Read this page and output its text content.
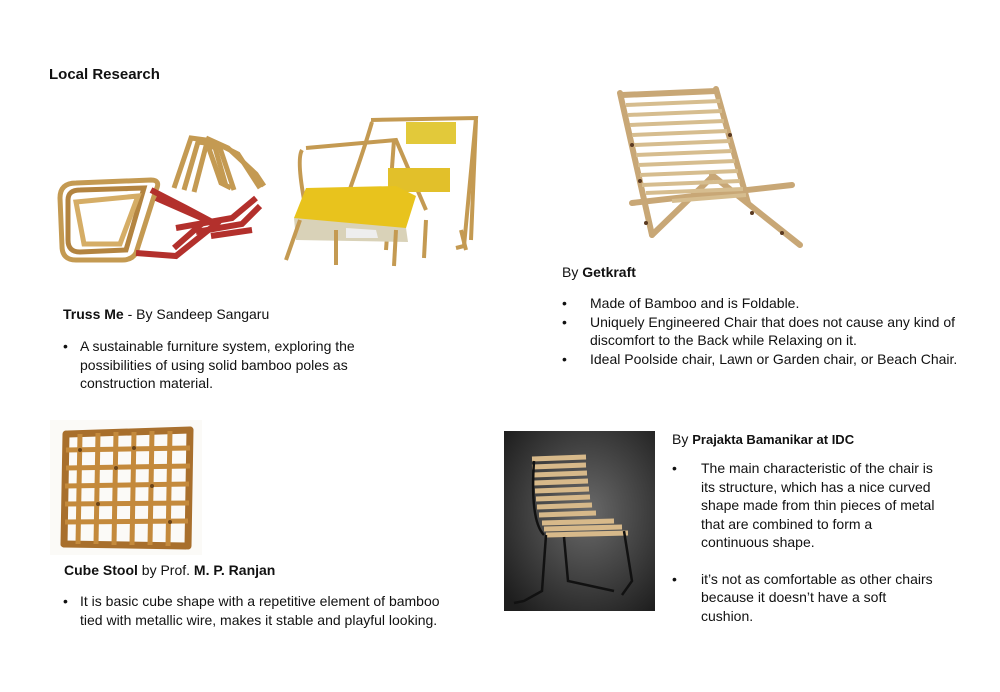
Local Research
Truss Me - By Sandeep Sangaru
• A sustainable furniture system, exploring the possibilities of using solid bamboo poles as construction material.
By Getkraft
• Made of Bamboo and is Foldable.
• Uniquely Engineered Chair that does not cause any kind of discomfort to the Back while Relaxing on it.
• Ideal Poolside chair, Lawn or Garden chair, or Beach Chair.
Cube Stool by Prof. M. P. Ranjan
• It is basic cube shape with a repetitive element of bamboo tied with metallic wire, makes it stable and playful looking.
By Prajakta Bamanikar at IDC
• The main characteristic of the chair is its structure, which has a nice curved shape made from thin pieces of metal that are combined to form a continuous shape.
• it’s not as comfortable as other chairs because it doesn’t have a soft cushion.
